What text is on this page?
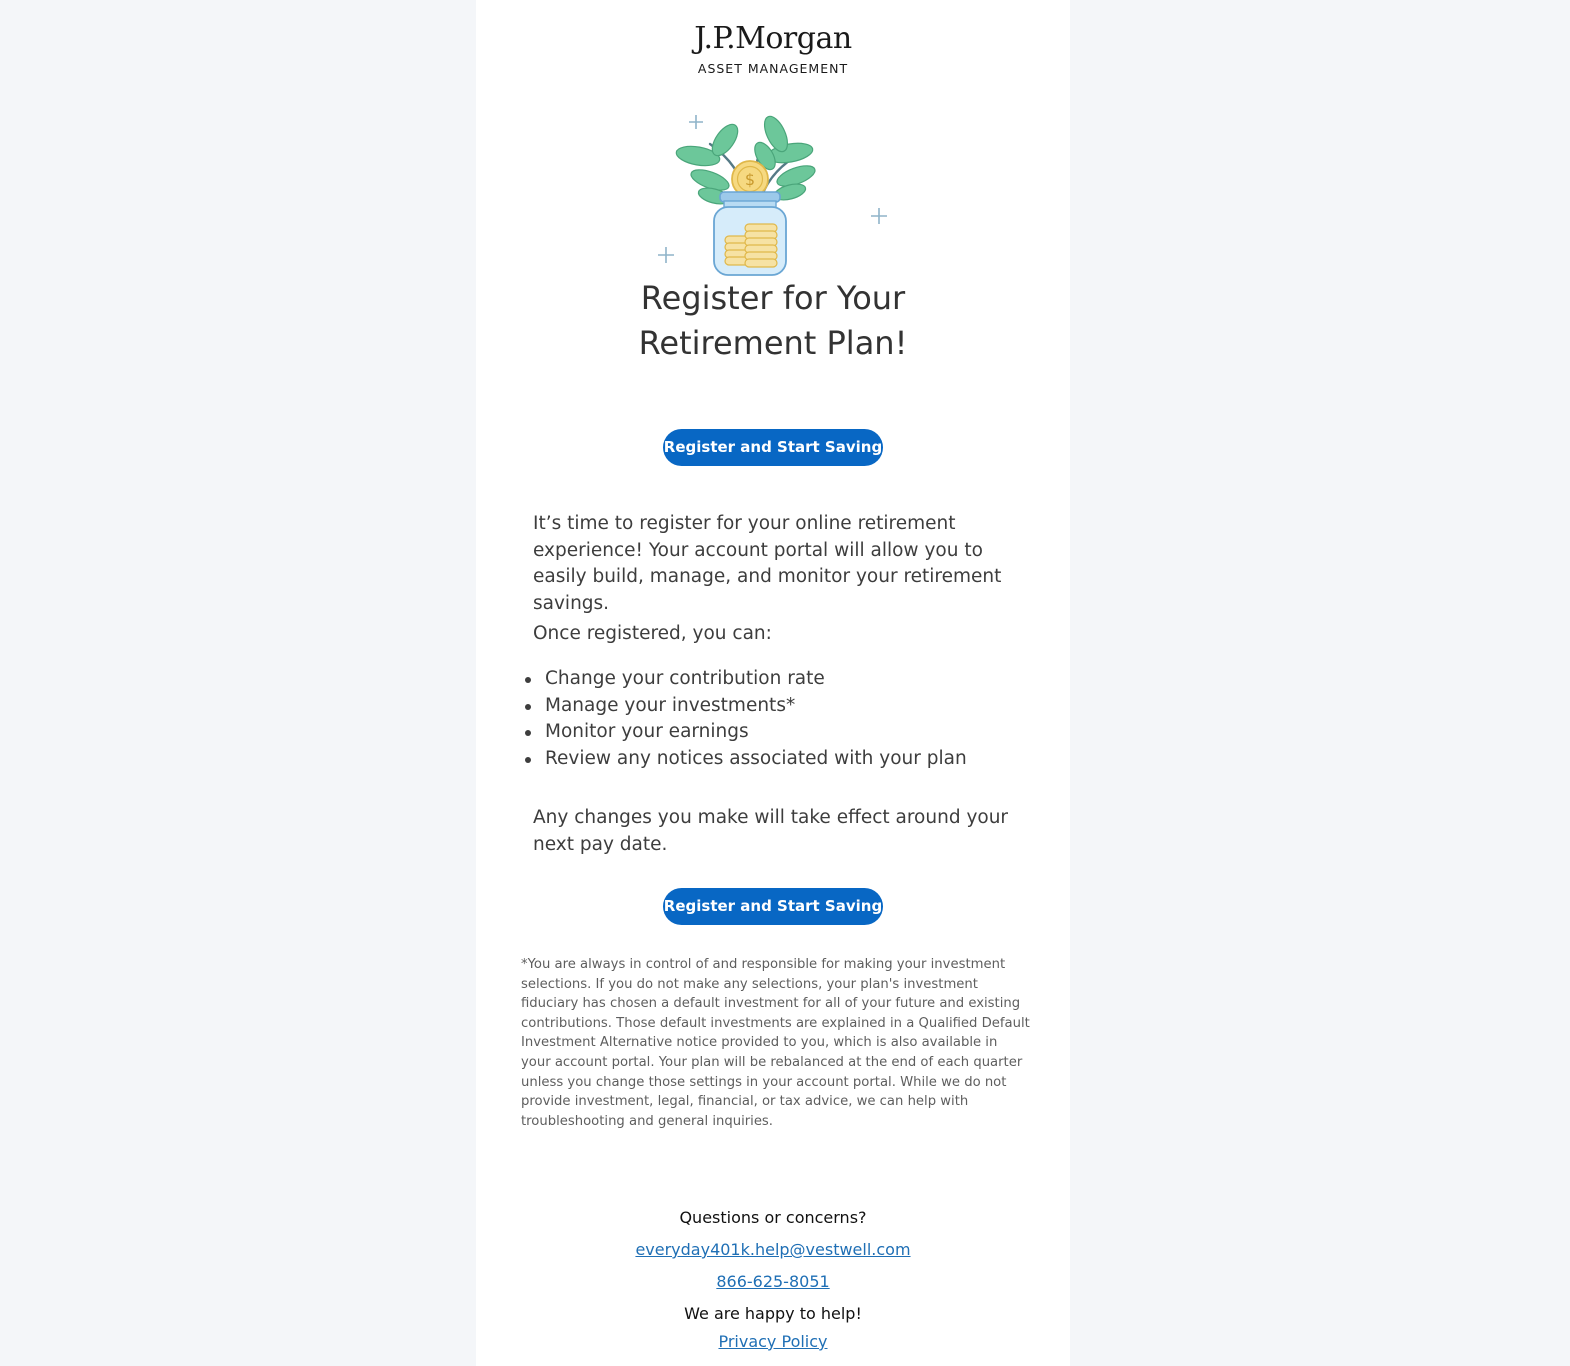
J.P.Morgan
ASSET MANAGEMENT
$
Register for Your
Retirement Plan!
Register and Start Saving

It’s time to register for your online retirement experience! Your account portal will allow you to easily build, manage, and monitor your retirement savings.

Once registered, you can:

Change your contribution rate
Manage your investments*
Monitor your earnings
Review any notices associated with your plan

Any changes you make will take effect around your next pay date.

Register and Start Saving

*You are always in control of and responsible for making your investment selections. If you do not make any selections, your plan's investment fiduciary has chosen a default investment for all of your future and existing contributions. Those default investments are explained in a Qualified Default Investment Alternative notice provided to you, which is also available in your account portal. Your plan will be rebalanced at the end of each quarter unless you change those settings in your account portal. While we do not provide investment, legal, financial, or tax advice, we can help with troubleshooting and general inquiries.

Questions or concerns?
everyday401k.help@vestwell.com
866-625-8051
We are happy to help!
Privacy Policy
